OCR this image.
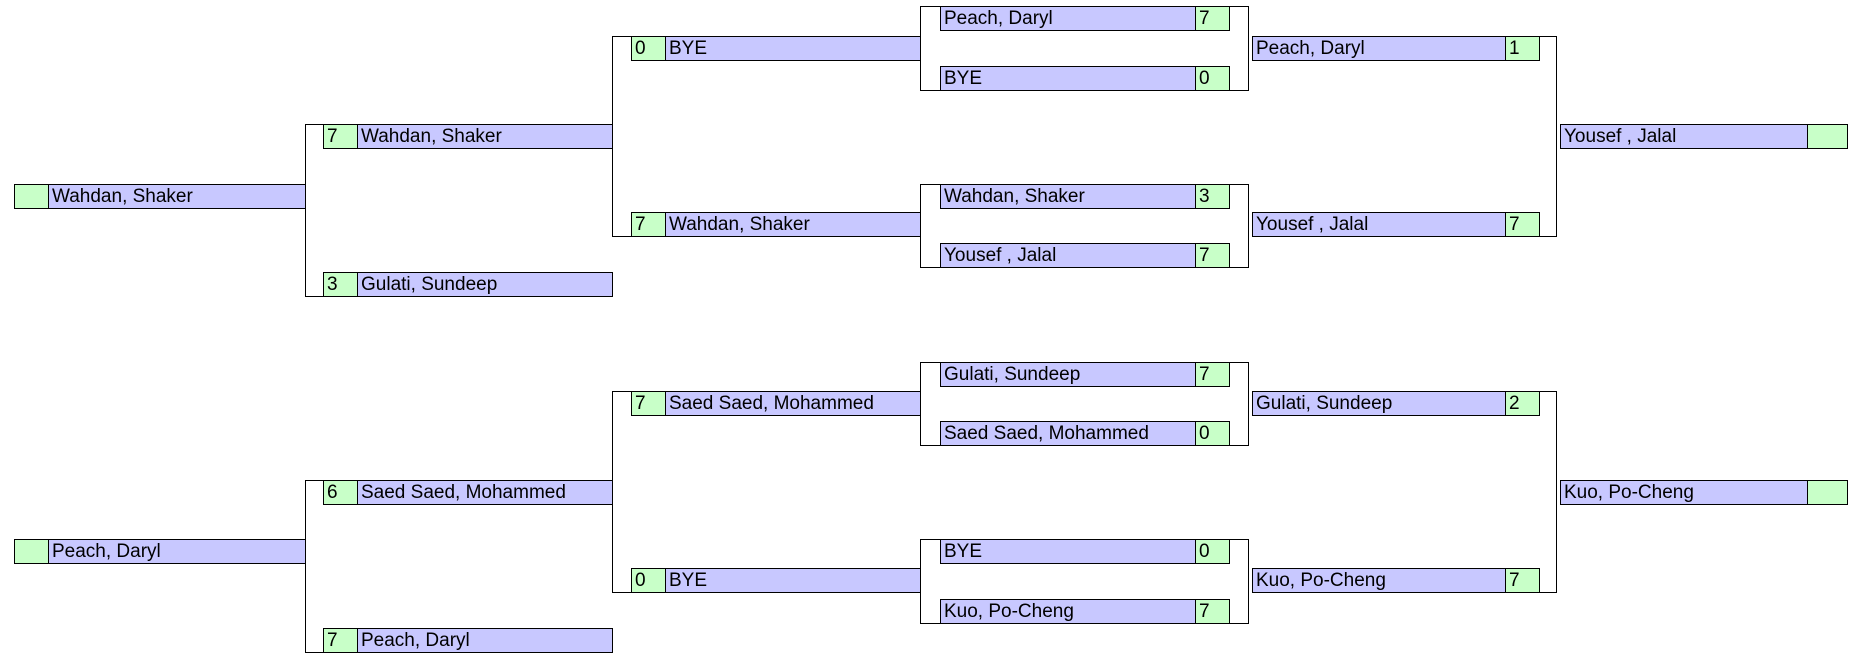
Wahdan, Shaker
7	Wahdan, Shaker
3	Gulati, Sundeep
0	BYE
7	Wahdan, Shaker
Peach, Daryl	7
BYE	0
Wahdan, Shaker	3
Yousef , Jalal	7
Peach, Daryl	1
Yousef , Jalal	7
Yousef , Jalal
Peach, Daryl
6	Saed Saed, Mohammed
7	Peach, Daryl
7	Saed Saed, Mohammed
0	BYE
Gulati, Sundeep	7
Saed Saed, Mohammed	0
BYE	0
Kuo, Po-Cheng	7
Gulati, Sundeep	2
Kuo, Po-Cheng	7
Kuo, Po-Cheng
